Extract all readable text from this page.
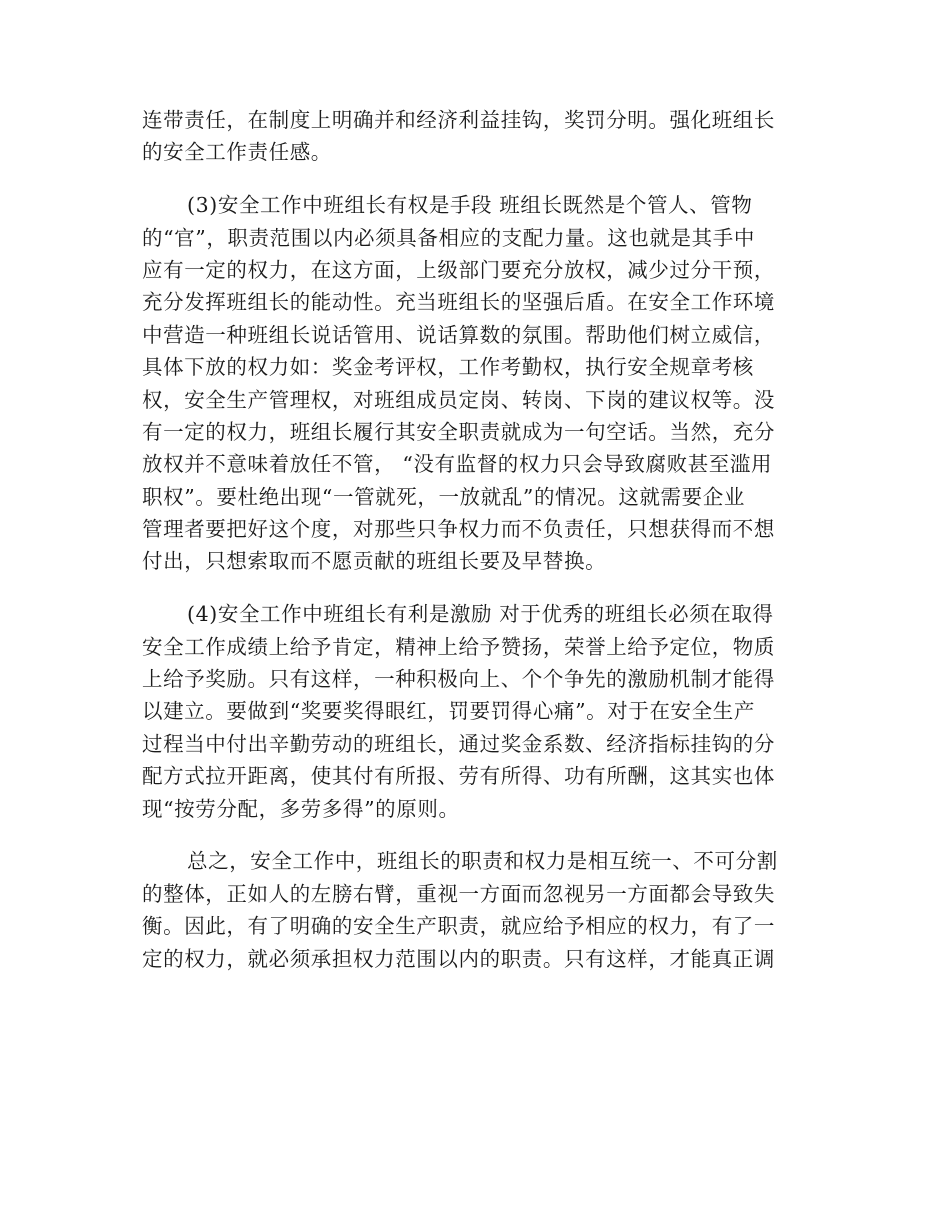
连带责任，在制度上明确并和经济利益挂钩，奖罚分明。强化班组长
的安全工作责任感。
(3)安全工作中班组长有权是手段 班组长既然是个管人、管物
的“官”，职责范围以内必须具备相应的支配力量。这也就是其手中
应有一定的权力，在这方面，上级部门要充分放权，减少过分干预，
充分发挥班组长的能动性。充当班组长的坚强后盾。在安全工作环境
中营造一种班组长说话管用、说话算数的氛围。帮助他们树立威信，
具体下放的权力如：奖金考评权，工作考勤权，执行安全规章考核
权，安全生产管理权，对班组成员定岗、转岗、下岗的建议权等。没
有一定的权力，班组长履行其安全职责就成为一句空话。当然，充分
放权并不意味着放任不管， “没有监督的权力只会导致腐败甚至滥用
职权”。要杜绝出现“一管就死，一放就乱”的情况。这就需要企业
管理者要把好这个度，对那些只争权力而不负责任，只想获得而不想
付出，只想索取而不愿贡献的班组长要及早替换。
(4)安全工作中班组长有利是激励 对于优秀的班组长必须在取得
安全工作成绩上给予肯定，精神上给予赞扬，荣誉上给予定位，物质
上给予奖励。只有这样，一种积极向上、个个争先的激励机制才能得
以建立。要做到“奖要奖得眼红，罚要罚得心痛”。对于在安全生产
过程当中付出辛勤劳动的班组长，通过奖金系数、经济指标挂钩的分
配方式拉开距离，使其付有所报、劳有所得、功有所酬，这其实也体
现“按劳分配，多劳多得”的原则。
总之，安全工作中，班组长的职责和权力是相互统一、不可分割
的整体，正如人的左膀右臂，重视一方面而忽视另一方面都会导致失
衡。因此，有了明确的安全生产职责，就应给予相应的权力，有了一
定的权力，就必须承担权力范围以内的职责。只有这样，才能真正调
